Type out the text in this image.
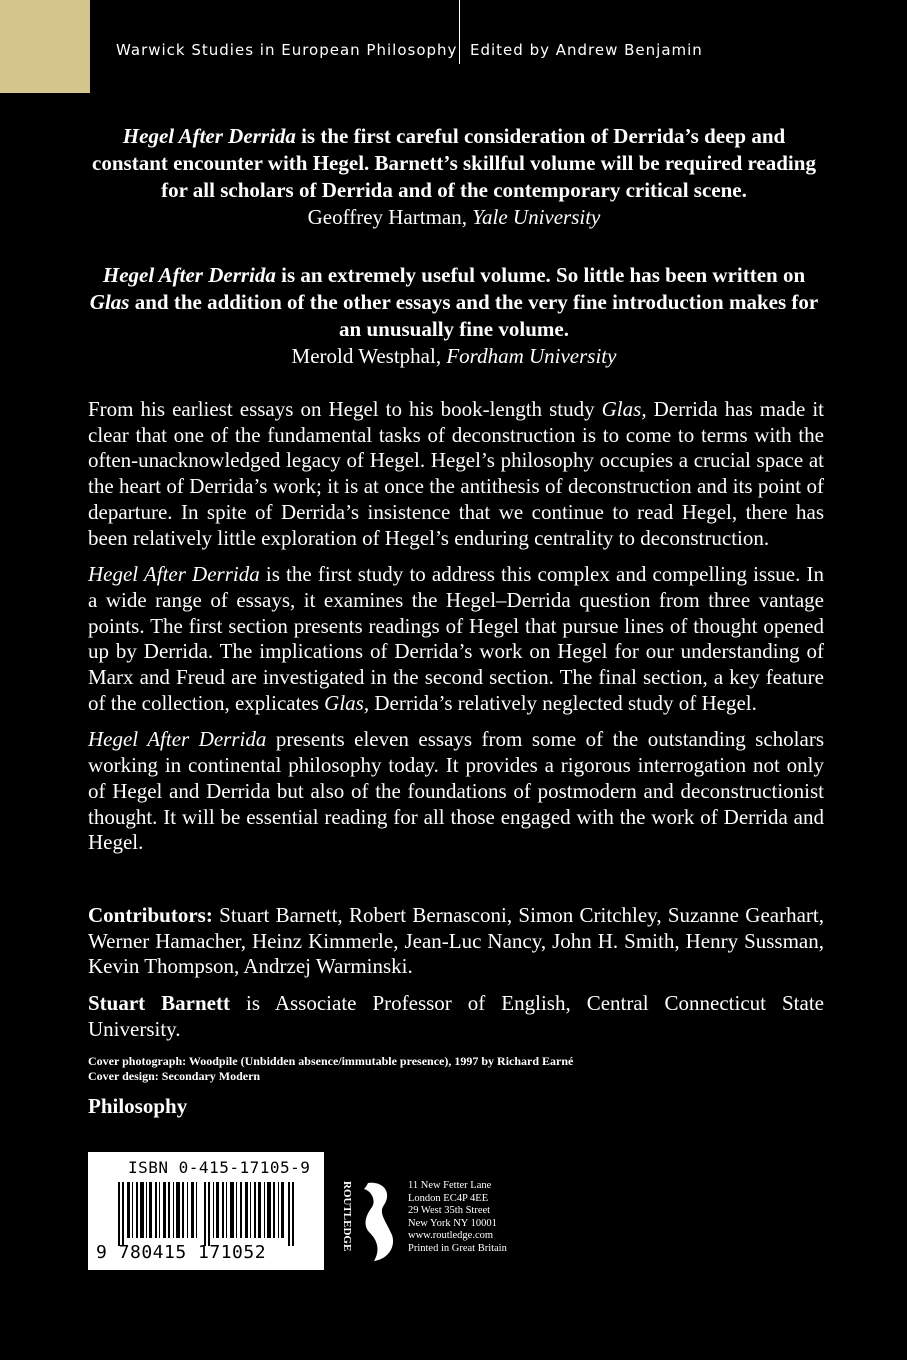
Warwick Studies in European Philosophy Edited by Andrew Benjamin
Hegel After Derrida is the first careful consideration of Derrida’s deep and constant encounter with Hegel. Barnett’s skillful volume will be required reading for all scholars of Derrida and of the contemporary critical scene.
Geoffrey Hartman, Yale University
Hegel After Derrida is an extremely useful volume. So little has been written on Glas and the addition of the other essays and the very fine introduction makes for an unusually fine volume.
Merold Westphal, Fordham University

From his earliest essays on Hegel to his book-length study Glas, Derrida has made it clear that one of the fundamental tasks of deconstruction is to come to terms with the often-unacknowledged legacy of Hegel. Hegel’s philosophy occupies a crucial space at the heart of Derrida’s work; it is at once the antithesis of deconstruction and its point of departure. In spite of Derrida’s insistence that we continue to read Hegel, there has been relatively little exploration of Hegel’s enduring centrality to deconstruction.

Hegel After Derrida is the first study to address this complex and compelling issue. In a wide range of essays, it examines the Hegel–Derrida question from three vantage points. The first section presents readings of Hegel that pursue lines of thought opened up by Derrida. The implications of Derrida’s work on Hegel for our understanding of Marx and Freud are investigated in the second section. The final section, a key feature of the collection, explicates Glas, Derrida’s relatively neglected study of Hegel.

Hegel After Derrida presents eleven essays from some of the outstanding scholars working in continental philosophy today. It provides a rigorous interrogation not only of Hegel and Derrida but also of the foundations of postmodern and deconstructionist thought. It will be essential reading for all those engaged with the work of Derrida and Hegel.

Contributors: Stuart Barnett, Robert Bernasconi, Simon Critchley, Suzanne Gearhart, Werner Hamacher, Heinz Kimmerle, Jean-Luc Nancy, John H. Smith, Henry Sussman, Kevin Thompson, Andrzej Warminski.

Stuart Barnett is Associate Professor of English, Central Connecticut State University.

Cover photograph: Woodpile (Unbidden absence/immutable presence), 1997 by Richard Earné
Cover design: Secondary Modern
Philosophy
ISBN 0-415-17105-9
9 780415 171052
ROUTLEDGE	11 New Fetter Lane
London EC4P 4EE
29 West 35th Street
New York NY 10001
www.routledge.com
Printed in Great Britain
